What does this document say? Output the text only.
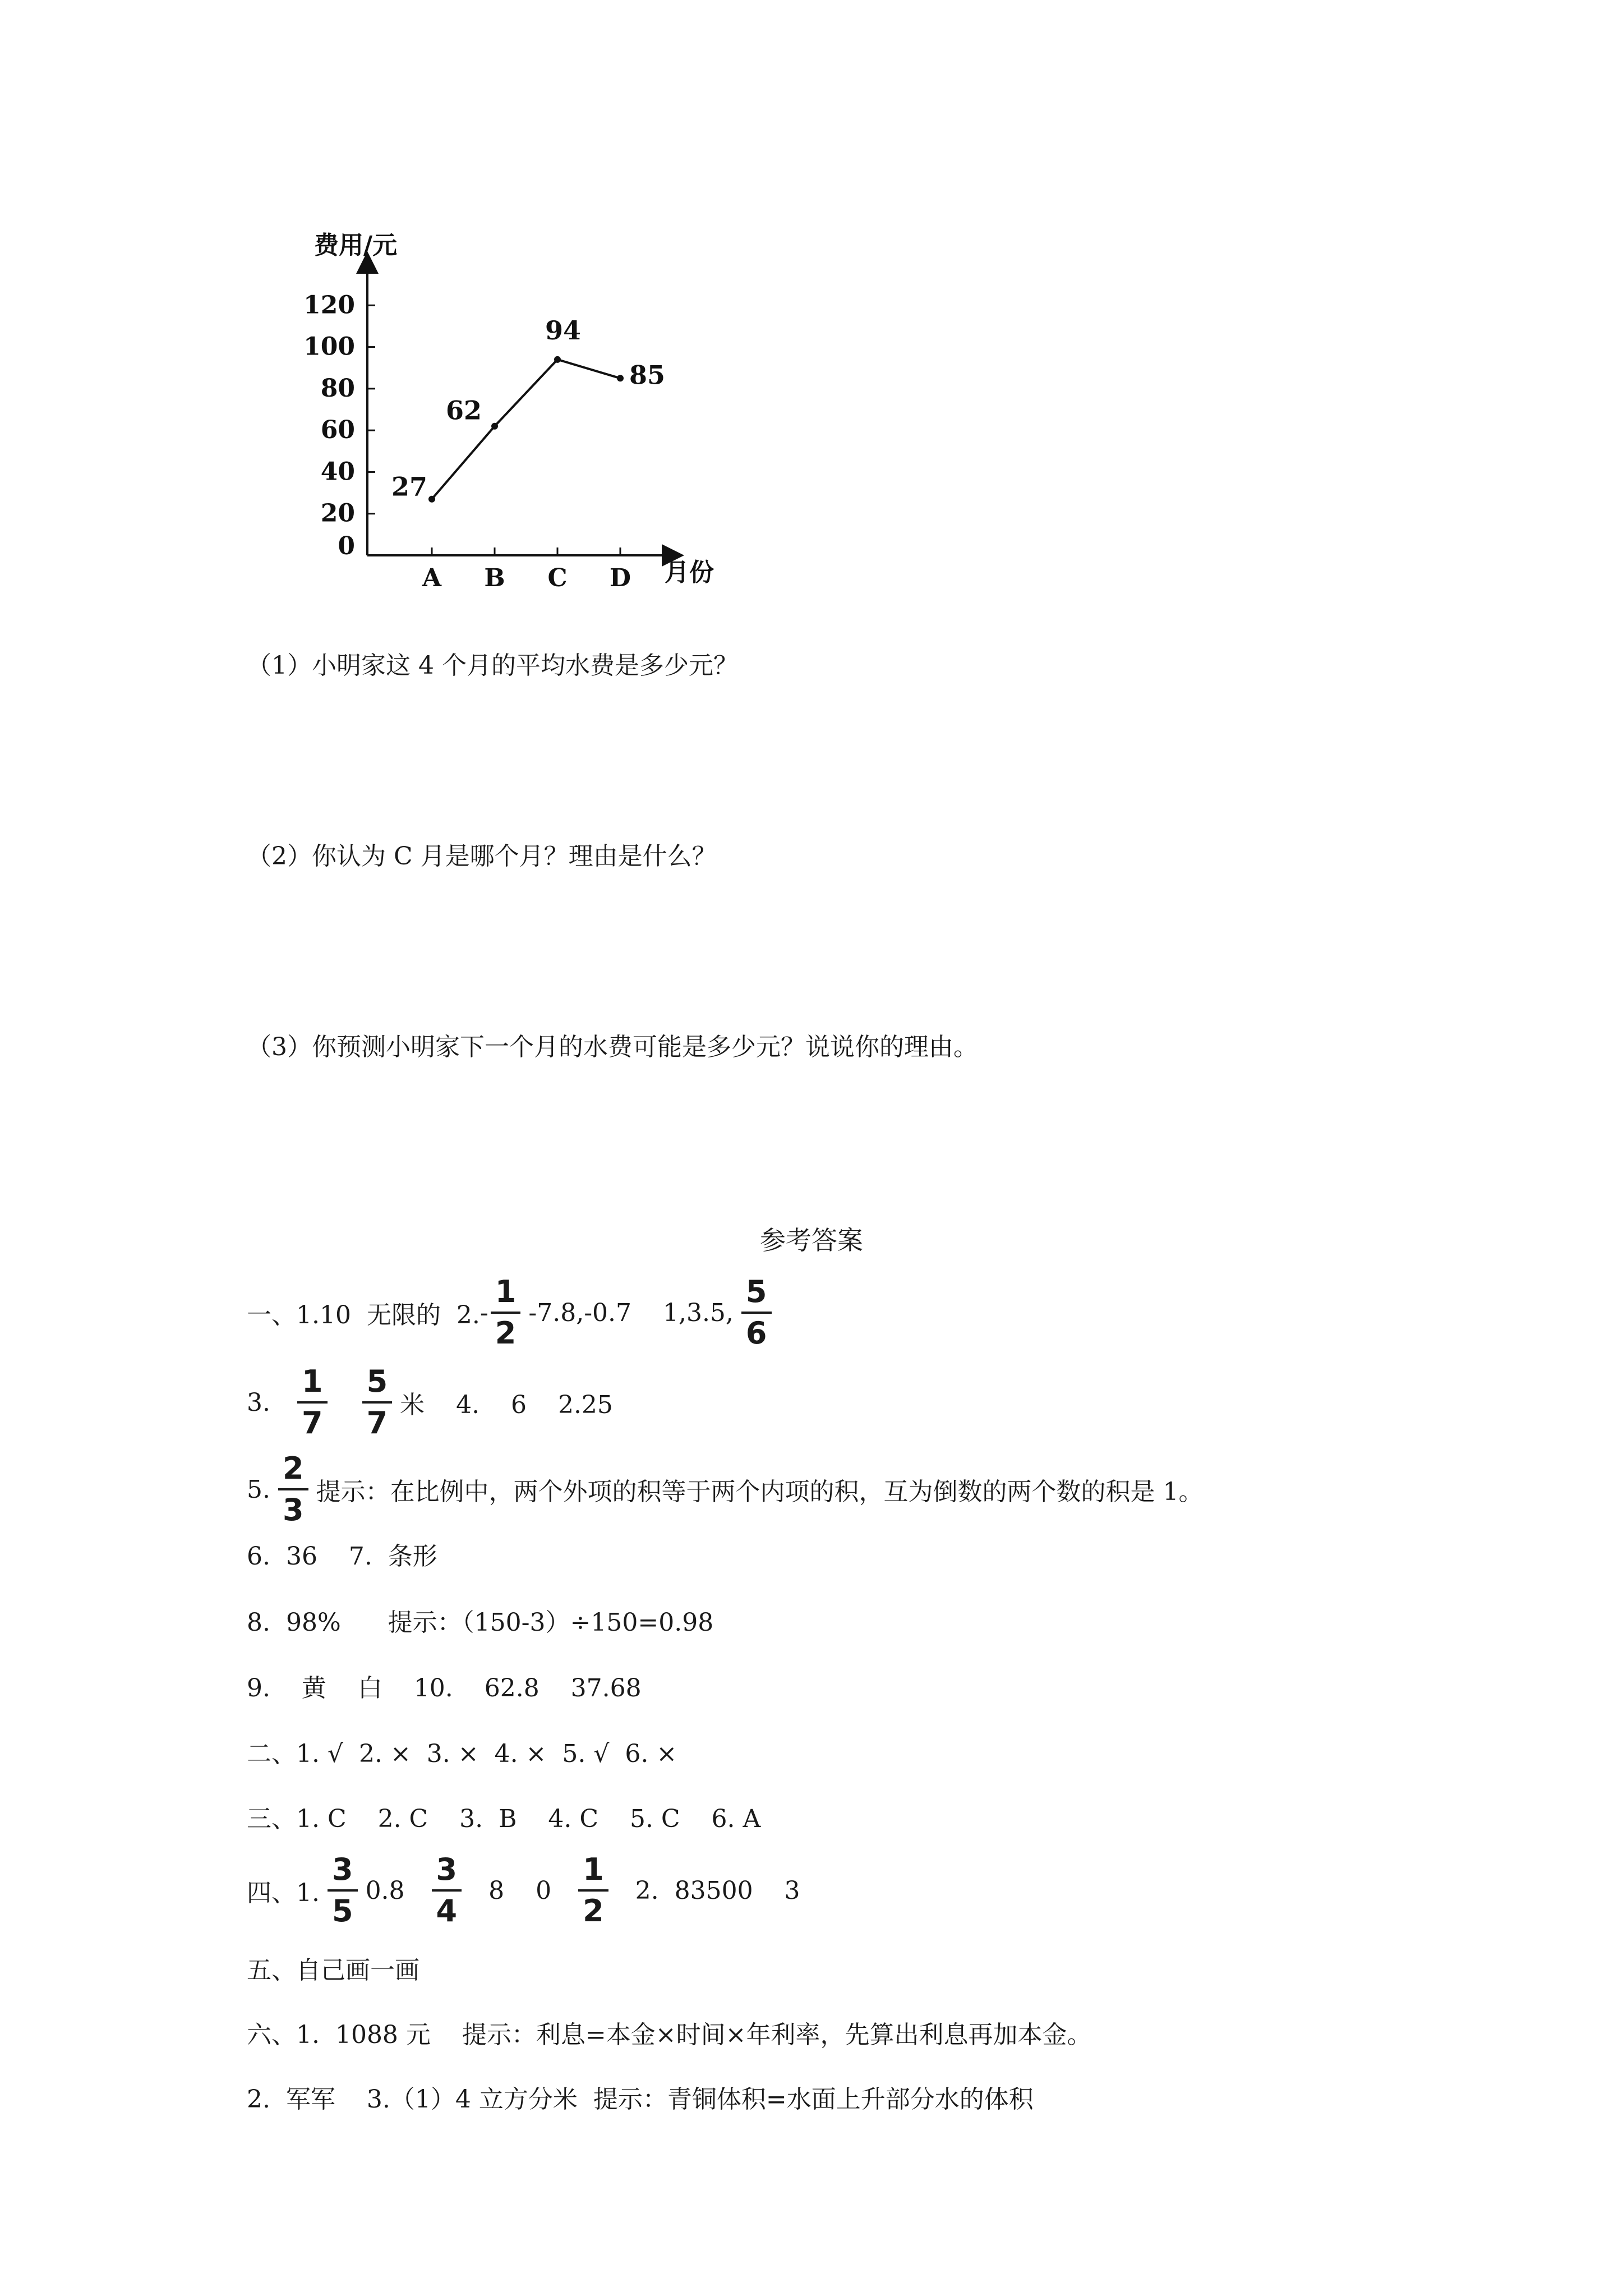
费用/元
月份
0
20
40
60
80
100
120
A B C D
27
62
94
85
（1）小明家这 4 个月的平均水费是多少元？
（2）你认为 C 月是哪个月？理由是什么？
（3）你预测小明家下一个月的水费可能是多少元？说说你的理由。
参考答案
一、1.10  无限的  2. - $\frac{1}{2} -7.8,-0.7$    1,3.5, $\frac{5}{6}$
3. $\frac{1}{7} \frac{5}{7}$ 米    4.    6    2.25
5. $\frac{2}{3}$ 提示：在比例中，两个外项的积等于两个内项的积，互为倒数的两个数的积是 1。
6.  36    7.  条形
8.  98%      提示：（150-3）÷150=0.98
9.    黄    白    10.    62.8    37.68
二、1. √  2. ×  3. ×  4. ×  5. √  6. ×
三、1. C    2. C    3.  B    4. C    5. C    6. A
四、1. $\frac{3}{5} 0.8 \frac{3}{4} 8$    $0 \frac{1}{2} 2$.  83500    3
五、自己画一画
六、1.  1088 元    提示：利息=本金×时间×年利率，先算出利息再加本金。
2.  军军    3.（1）4 立方分米  提示：青铜体积=水面上升部分水的体积
